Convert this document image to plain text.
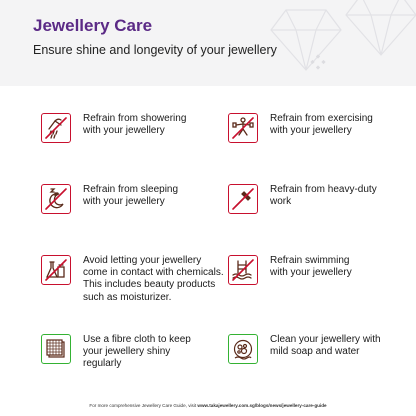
Jewellery Care
Ensure shine and longevity of your jewellery
Refrain from showering
with your jewellery
Refrain from exercising
with your jewellery
Refrain from sleeping
with your jewellery
Refrain from heavy-duty
work
Avoid letting your jewellery
come in contact with chemicals.
This includes beauty products
such as moisturizer.
Refrain swimming
with your jewellery
Use a fibre cloth to keep
your jewellery shiny
regularly
Clean your jewellery with
mild soap and water
For more comprehensive Jewellery Care Guide, visit www.takajewellery.com.sg/blogs/news/jewellery-care-guide
